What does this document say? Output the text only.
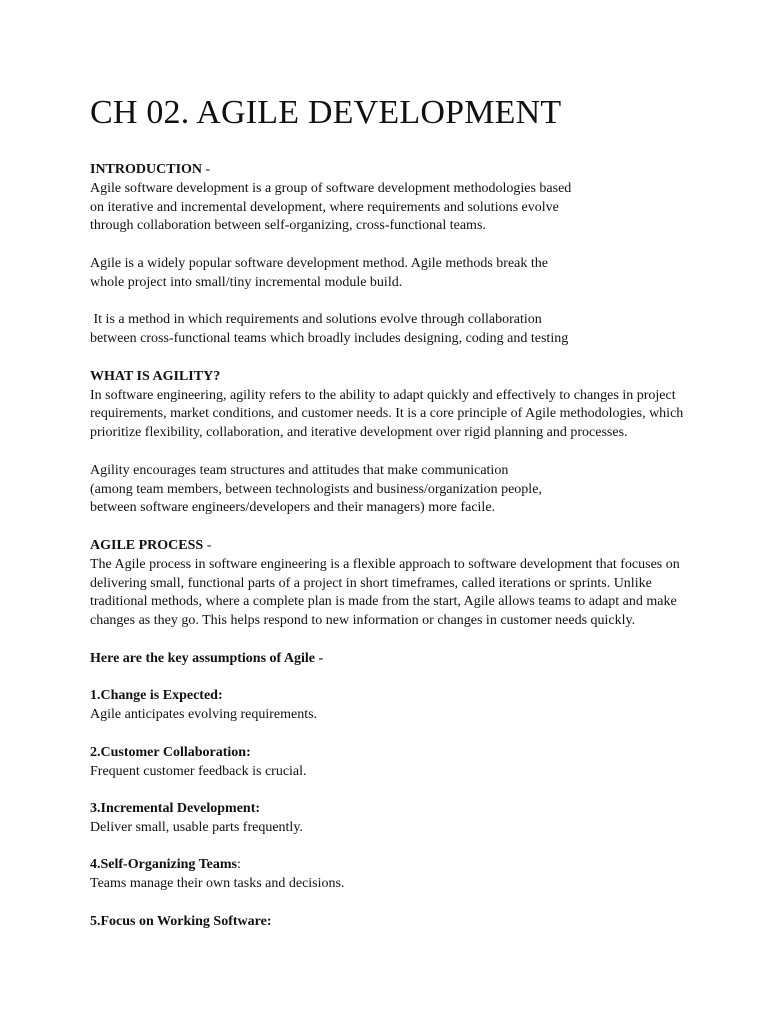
CH 02. AGILE DEVELOPMENT
INTRODUCTION -
Agile software development is a group of software development methodologies based
on iterative and incremental development, where requirements and solutions evolve
through collaboration between self-organizing, cross-functional teams.
Agile is a widely popular software development method. Agile methods break the
whole project into small/tiny incremental module build.
It is a method in which requirements and solutions evolve through collaboration
between cross-functional teams which broadly includes designing, coding and testing
WHAT IS AGILITY?
In software engineering, agility refers to the ability to adapt quickly and effectively to changes in project
requirements, market conditions, and customer needs. It is a core principle of Agile methodologies, which
prioritize flexibility, collaboration, and iterative development over rigid planning and processes.
Agility encourages team structures and attitudes that make communication
(among team members, between technologists and business/organization people,
between software engineers/developers and their managers) more facile.
AGILE PROCESS -
The Agile process in software engineering is a flexible approach to software development that focuses on
delivering small, functional parts of a project in short timeframes, called iterations or sprints. Unlike
traditional methods, where a complete plan is made from the start, Agile allows teams to adapt and make
changes as they go. This helps respond to new information or changes in customer needs quickly.
Here are the key assumptions of Agile -
1.Change is Expected:
Agile anticipates evolving requirements.
2.Customer Collaboration:
Frequent customer feedback is crucial.
3.Incremental Development:
Deliver small, usable parts frequently.
4.Self-Organizing Teams:
Teams manage their own tasks and decisions.
5.Focus on Working Software:
